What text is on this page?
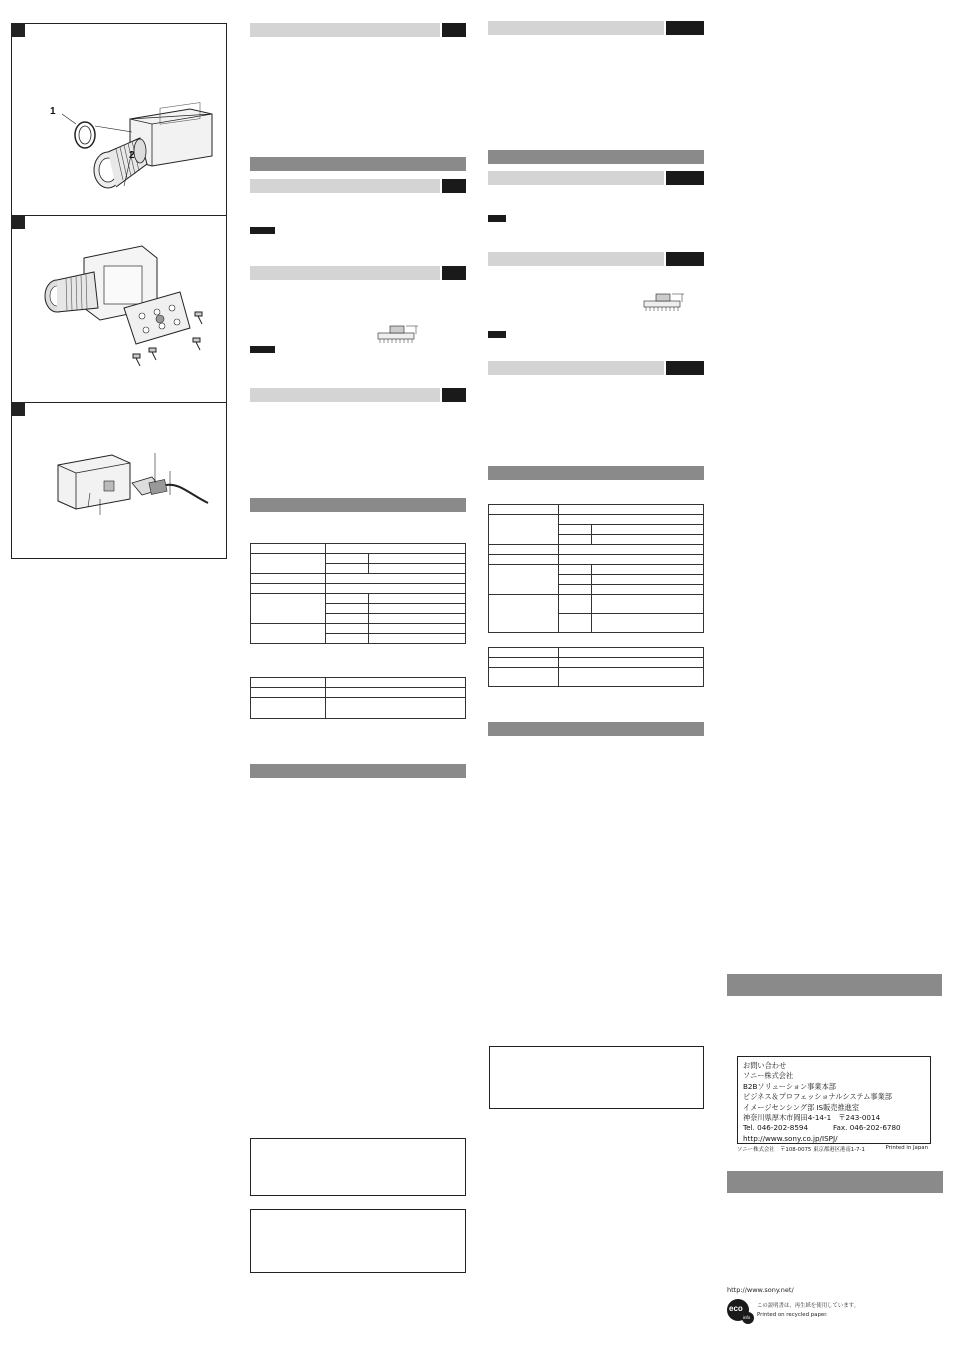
1
2

お問い合わせ
ソニー株式会社
B2Bソリューション事業本部
ビジネス＆プロフェッショナルシステム事業部
イメージセンシング部 IS販売推進室
神奈川県厚木市岡田4-14-1　〒243-0014
Tel. 046-202-8594	Fax. 046-202-6780
http://www.sony.co.jp/ISPJ/
ソニー株式会社　〒108-0075 東京都港区港南1-7-1	Printed in Japan
http://www.sony.net/
eco
info
この説明書は、再生紙を使用しています。
Printed on recycled paper.
